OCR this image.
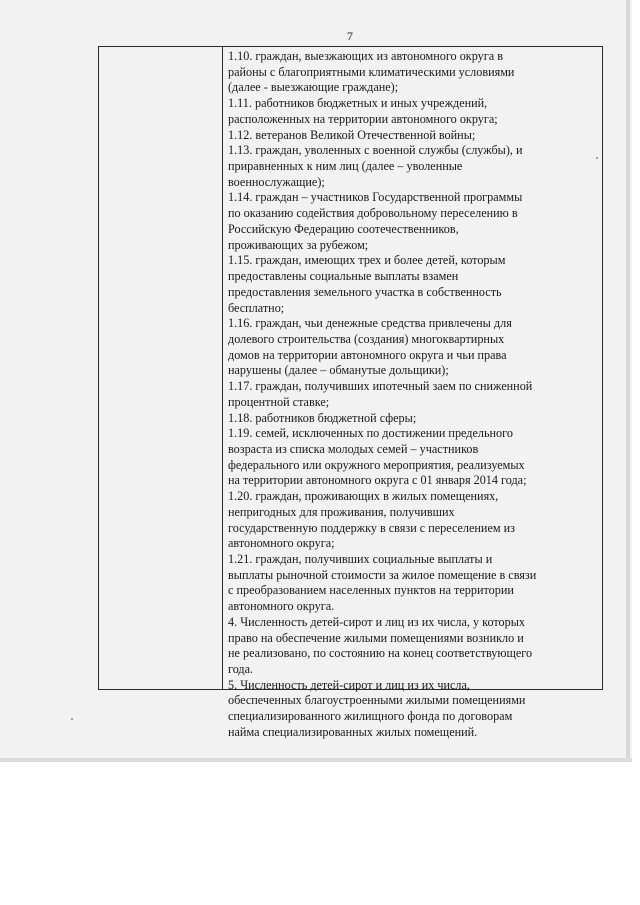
7

1.10. граждан, выезжающих из автономного округа в
районы с благоприятными климатическими условиями
(далее - выезжающие граждане);

1.11. работников бюджетных и иных учреждений,
расположенных на территории автономного округа;

1.12. ветеранов Великой Отечественной войны;

1.13. граждан, уволенных с военной службы (службы), и
приравненных к ним лиц (далее – уволенные
военнослужащие);

1.14. граждан – участников Государственной программы
по оказанию содействия добровольному переселению в
Российскую Федерацию соотечественников,
проживающих за рубежом;

1.15. граждан, имеющих трех и более детей, которым
предоставлены социальные выплаты взамен
предоставления земельного участка в собственность
бесплатно;

1.16. граждан, чьи денежные средства привлечены для
долевого строительства (создания) многоквартирных
домов на территории автономного округа и чьи права
нарушены (далее – обманутые дольщики);

1.17. граждан, получивших ипотечный заем по сниженной
процентной ставке;

1.18. работников бюджетной сферы;

1.19. семей, исключенных по достижении предельного
возраста из списка молодых семей – участников
федерального или окружного мероприятия, реализуемых
на территории автономного округа с 01 января 2014 года;

1.20. граждан, проживающих в жилых помещениях,
непригодных для проживания, получивших
государственную поддержку в связи с переселением из
автономного округа;

1.21. граждан, получивших социальные выплаты и
выплаты рыночной стоимости за жилое помещение в связи
с преобразованием населенных пунктов на территории
автономного округа.

4. Численность детей-сирот и лиц из их числа, у которых
право на обеспечение жилыми помещениями возникло и
не реализовано, по состоянию на конец соответствующего
года.

5. Численность детей-сирот и лиц из их числа,
обеспеченных благоустроенными жилыми помещениями
специализированного жилищного фонда по договорам
найма специализированных жилых помещений.
